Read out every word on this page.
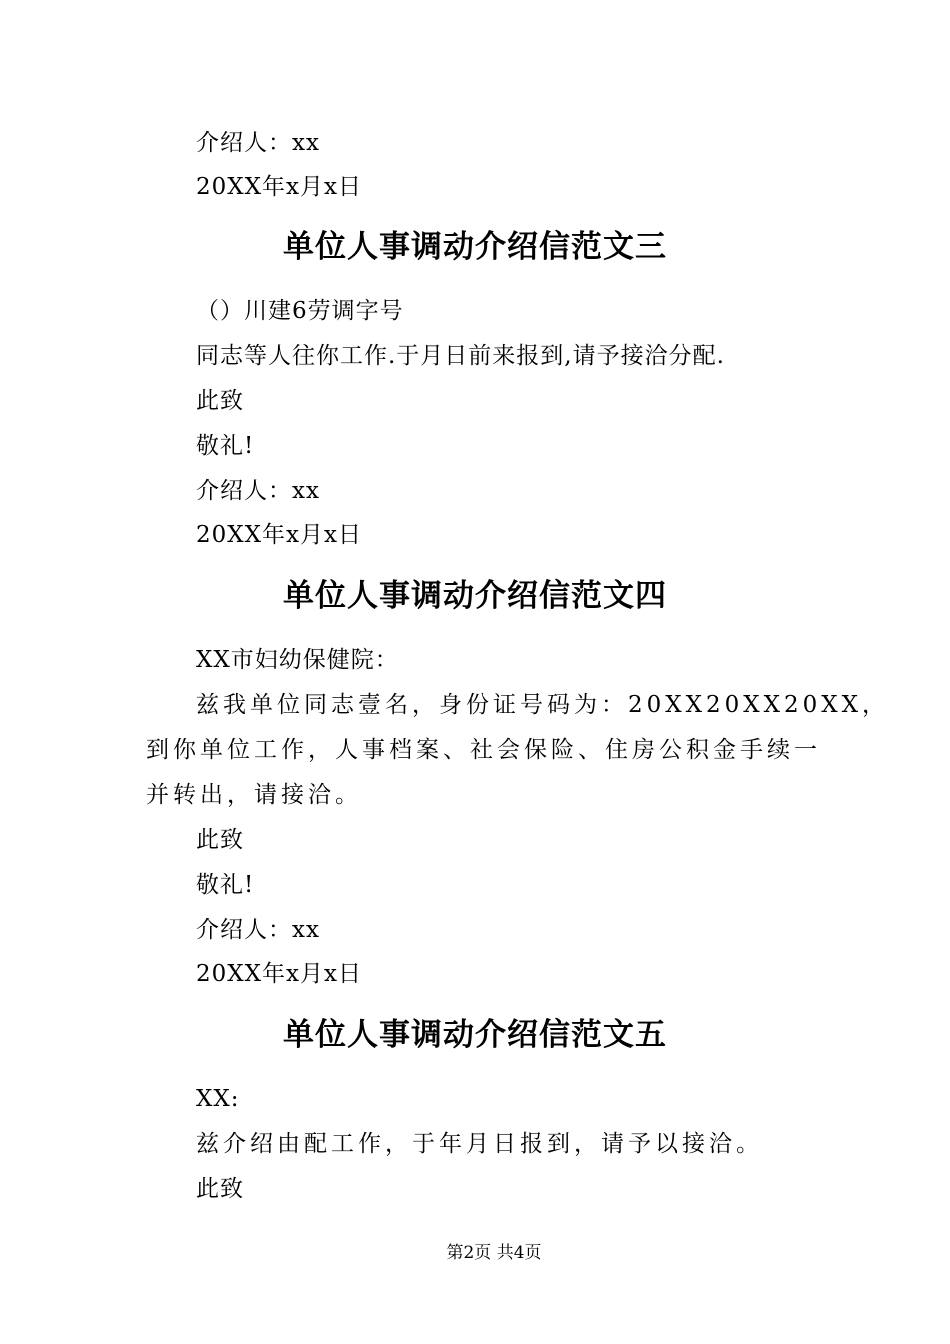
介绍人：xx
20XX年x月x日
单位人事调动介绍信范文三
（）川建6劳调字号
同志等人往你工作.于月日前来报到,请予接洽分配.
此致
敬礼!
介绍人：xx
20XX年x月x日
单位人事调动介绍信范文四
XX市妇幼保健院：
兹我单位同志壹名，身份证号码为：20XX20XX20XX，
到你单位工作，人事档案、社会保险、住房公积金手续一
并转出，请接洽。
此致
敬礼!
介绍人：xx
20XX年x月x日
单位人事调动介绍信范文五
XX:
兹介绍由配工作，于年月日报到，请予以接洽。
此致
第2页 共4页
